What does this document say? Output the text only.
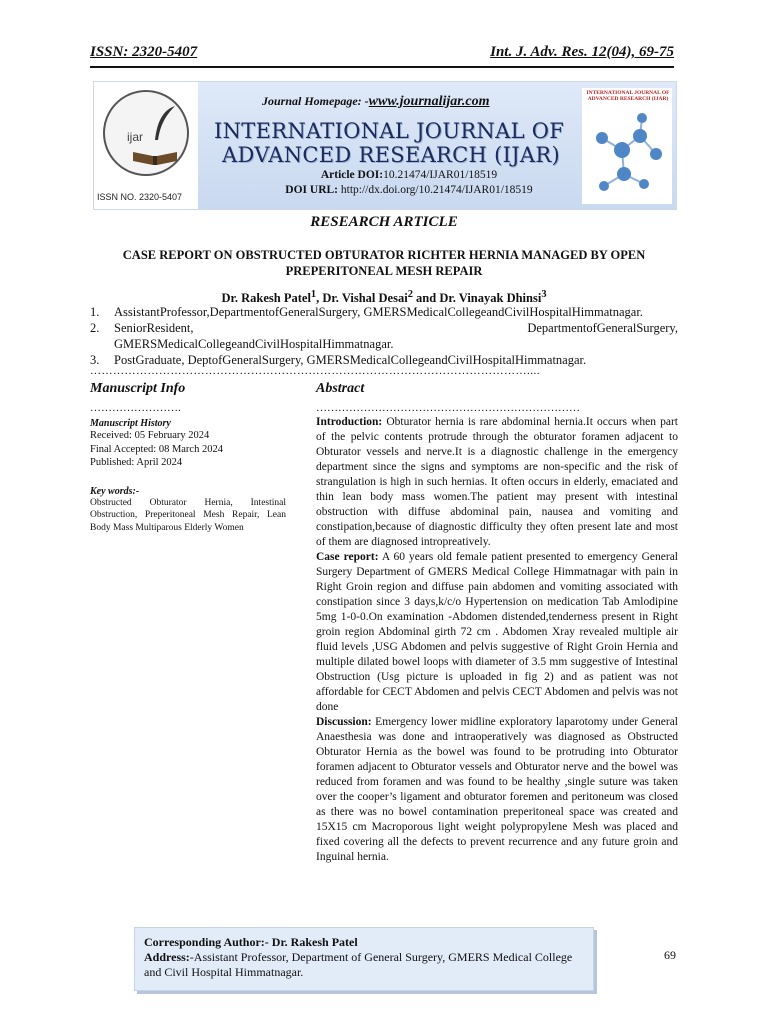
ISSN: 2320-5407	Int. J. Adv. Res. 12(04), 69-75
ijar
ISSN NO. 2320-5407
Journal Homepage: -www.journalijar.com
INTERNATIONAL JOURNAL OF
ADVANCED RESEARCH (IJAR)
Article DOI:10.21474/IJAR01/18519
DOI URL: http://dx.doi.org/10.21474/IJAR01/18519
INTERNATIONAL JOURNAL OF ADVANCED RESEARCH (IJAR)
RESEARCH ARTICLE
CASE REPORT ON OBSTRUCTED OBTURATOR RICHTER HERNIA MANAGED BY OPEN PREPERITONEAL MESH REPAIR
Dr. Rakesh Patel$^1$, Dr. Vishal Desai$^2$ and Dr. Vinayak Dhinsi$^3$
1.	AssistantProfessor,DepartmentofGeneralSurgery, GMERSMedicalCollegeandCivilHospitalHimmatnagar.
2.	SeniorResident,	DepartmentofGeneralSurgery,
GMERSMedicalCollegeandCivilHospitalHimmatnagar.
3.	PostGraduate, DeptofGeneralSurgery, GMERSMedicalCollegeandCivilHospitalHimmatnagar.
……………………………………………………………………………………………………....
Manuscript Info
…………………….
Manuscript History
Received: 05 February 2024
Final Accepted: 08 March 2024
Published: April 2024
Key words:-
Obstructed Obturator Hernia, Intestinal Obstruction, Preperitoneal Mesh Repair, Lean Body Mass Multiparous Elderly Women
Abstract
………………………………………………………………

Introduction: Obturator hernia is rare abdominal hernia.It occurs when part of the pelvic contents protrude through the obturator foramen adjacent to Obturator vessels and nerve.It is a diagnostic challenge in the emergency department since the signs and symptoms are non-specific and the risk of strangulation is high in such hernias. It often occurs in elderly, emaciated and thin lean body mass women.The patient may present with intestinal obstruction with diffuse abdominal pain, nausea and vomiting and constipation,because of diagnostic difficulty they often present late and most of them are diagnosed intropreatively.

Case report: A 60 years old female patient presented to emergency General Surgery Department of GMERS Medical College Himmatnagar with pain in Right Groin region and diffuse pain abdomen and vomiting associated with constipation since 3 days,k/c/o Hypertension on medication Tab Amlodipine 5mg 1-0-0.On examination -Abdomen distended,tenderness present in Right groin region Abdominal girth 72 cm . Abdomen Xray revealed multiple air fluid levels ,USG Abdomen and pelvis suggestive of Right Groin Hernia and multiple dilated bowel loops with diameter of 3.5 mm suggestive of Intestinal Obstruction (Usg picture is uploaded in fig 2) and as patient was not affordable for CECT Abdomen and pelvis CECT Abdomen and pelvis was not done

Discussion: Emergency lower midline exploratory laparotomy under General Anaesthesia was done and intraoperatively was diagnosed as Obstructed Obturator Hernia as the bowel was found to be protruding into Obturator foramen adjacent to Obturator vessels and Obturator nerve and the bowel was reduced from foramen and was found to be healthy ,single suture was taken over the cooper’s ligament and obturator foremen and peritoneum was closed as there was no bowel contamination preperitoneal space was created and 15X15 cm Macroporous light weight polypropylene Mesh was placed and fixed covering all the defects to prevent recurrence and any future groin and Inguinal hernia.

Corresponding Author:- Dr. Rakesh Patel
Address:-Assistant Professor, Department of General Surgery, GMERS Medical College and Civil Hospital Himmatnagar.
69
